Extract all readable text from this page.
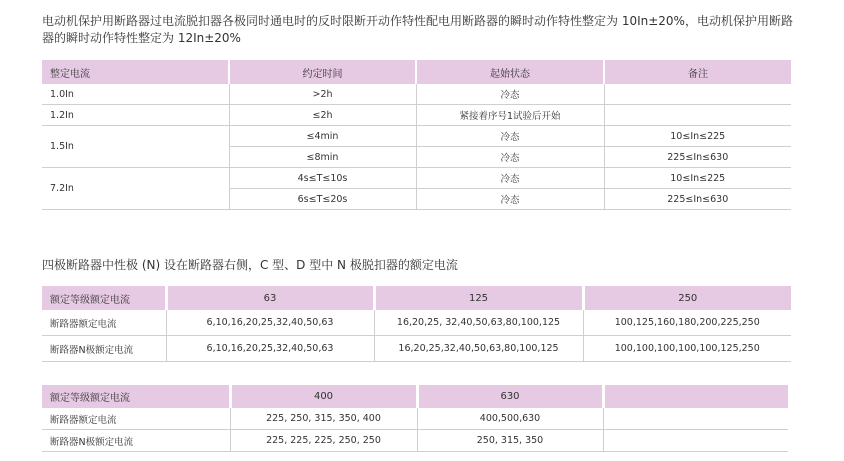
电动机保护用断路器过电流脱扣器各极同时通电时的反时限断开动作特性配电用断路器的瞬时动作特性整定为 10In±20%，电动机保护用断路器的瞬时动作特性整定为 12In±20%
整定电流	约定时间	起始状态	备注
1.0In	>2h	冷态	
1.2In	≤2h	紧接着序号1试验后开始	
1.5In	≤4min	冷态	10≤In≤225
	≤8min	冷态	225≤In≤630
7.2In	4s≤T≤10s	冷态	10≤In≤225
	6s≤T≤20s	冷态	225≤In≤630
四极断路器中性极 (N) 设在断路器右侧，C 型、D 型中 N 极脱扣器的额定电流
额定等级额定电流	63	125	250
断路器额定电流	6,10,16,20,25,32,40,50,63	16,20,25, 32,40,50,63,80,100,125	100,125,160,180,200,225,250
断路器N极额定电流	6,10,16,20,25,32,40,50,63	16,20,25,32,40,50,63,80,100,125	100,100,100,100,100,125,250
额定等级额定电流	400	630	
断路器额定电流	225, 250, 315, 350, 400	400,500,630	
断路器N极额定电流	225, 225, 225, 250, 250	250, 315, 350	
